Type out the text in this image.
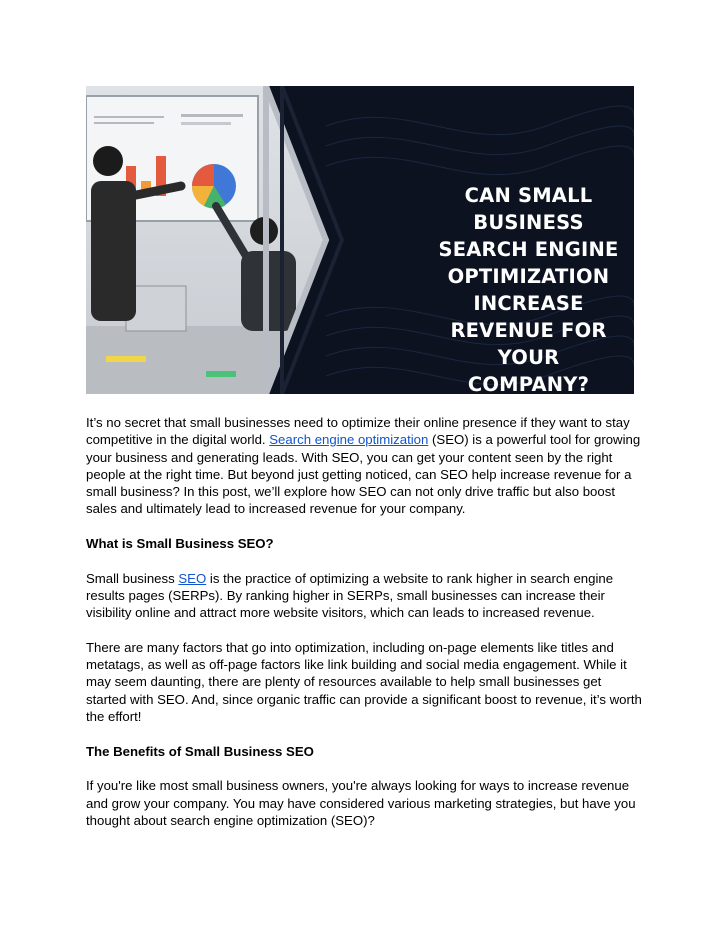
CAN SMALL BUSINESS
SEARCH ENGINE
OPTIMIZATION INCREASE
REVENUE FOR YOUR
COMPANY?

It’s no secret that small businesses need to optimize their online presence if they want to stay competitive in the digital world. Search engine optimization (SEO) is a powerful tool for growing your business and generating leads. With SEO, you can get your content seen by the right people at the right time. But beyond just getting noticed, can SEO help increase revenue for a small business? In this post, we’ll explore how SEO can not only drive traffic but also boost sales and ultimately lead to increased revenue for your company.

What is Small Business SEO?

Small business SEO is the practice of optimizing a website to rank higher in search engine results pages (SERPs). By ranking higher in SERPs, small businesses can increase their visibility online and attract more website visitors, which can leads to increased revenue.

There are many factors that go into optimization, including on-page elements like titles and metatags, as well as off-page factors like link building and social media engagement. While it may seem daunting, there are plenty of resources available to help small businesses get started with SEO. And, since organic traffic can provide a significant boost to revenue, it’s worth the effort!

The Benefits of Small Business SEO

If you're like most small business owners, you're always looking for ways to increase revenue and grow your company. You may have considered various marketing strategies, but have you thought about search engine optimization (SEO)?
